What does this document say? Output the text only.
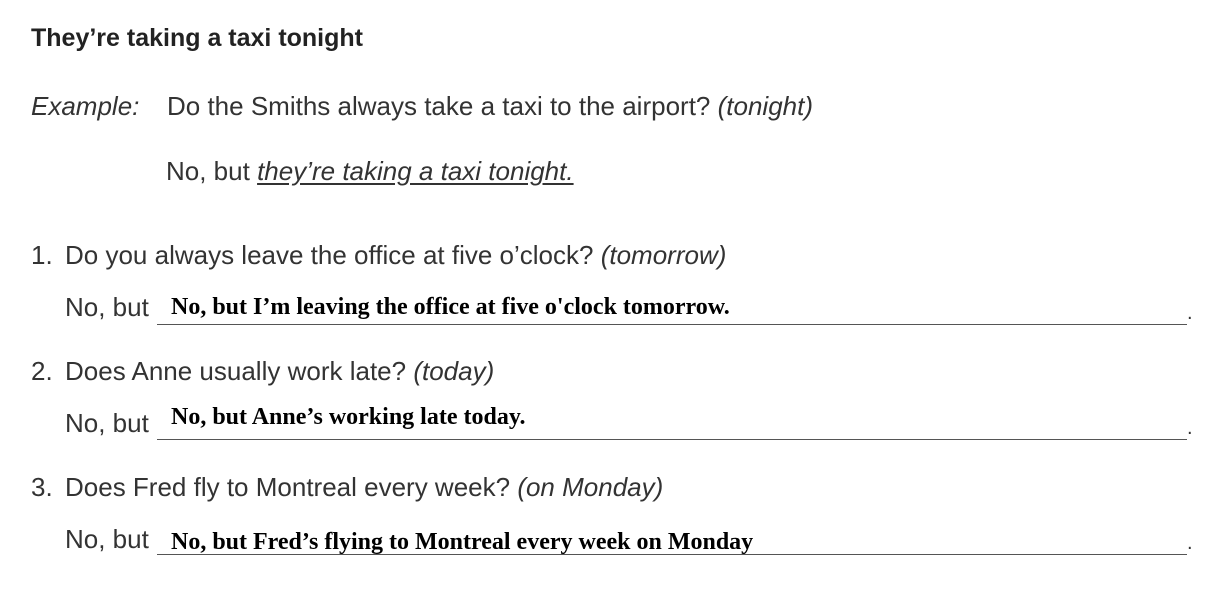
They’re taking a taxi tonight
Example: Do the Smiths always take a taxi to the airport? (tonight)
No, but they’re taking a taxi tonight.
1. Do you always leave the office at five o’clock? (tomorrow)
No, but No, but I’m leaving the office at five o'clock tomorrow.	.
2. Does Anne usually work late? (today)
No, but No, but Anne’s working late today.	.
3. Does Fred fly to Montreal every week? (on Monday)
No, but No, but Fred’s flying to Montreal every week on Monday	.
